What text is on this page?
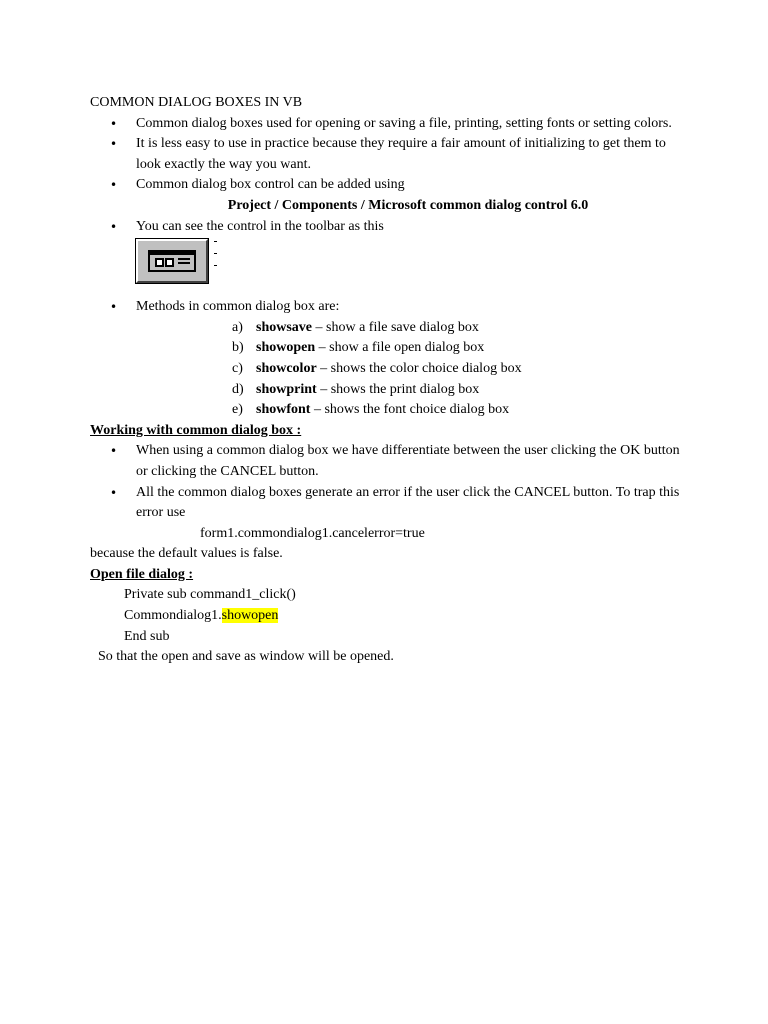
COMMON DIALOG BOXES IN VB
• Common dialog boxes used for opening or saving a file, printing, setting fonts or setting colors.
• It is less easy to use in practice because they require a fair amount of initializing to get them to look exactly the way you want.
• Common dialog box control can be added using
Project / Components / Microsoft common dialog control 6.0
• You can see the control in the toolbar as this
• Methods in common dialog box are:
a) showsave – show a file save dialog box
b) showopen – show a file open dialog box
c) showcolor – shows the color choice dialog box
d) showprint – shows the print dialog box
e) showfont – shows the font choice dialog box
Working with common dialog box :
• When using a common dialog box we have differentiate between the user clicking the OK button or clicking the CANCEL button.
• All the common dialog boxes generate an error if the user click the CANCEL button. To trap this error use
form1.commondialog1.cancelerror=true
because the default values is false.
Open file dialog :
Private sub command1_click()
Commondialog1.showopen
End sub
So that the open and save as window will be opened.
